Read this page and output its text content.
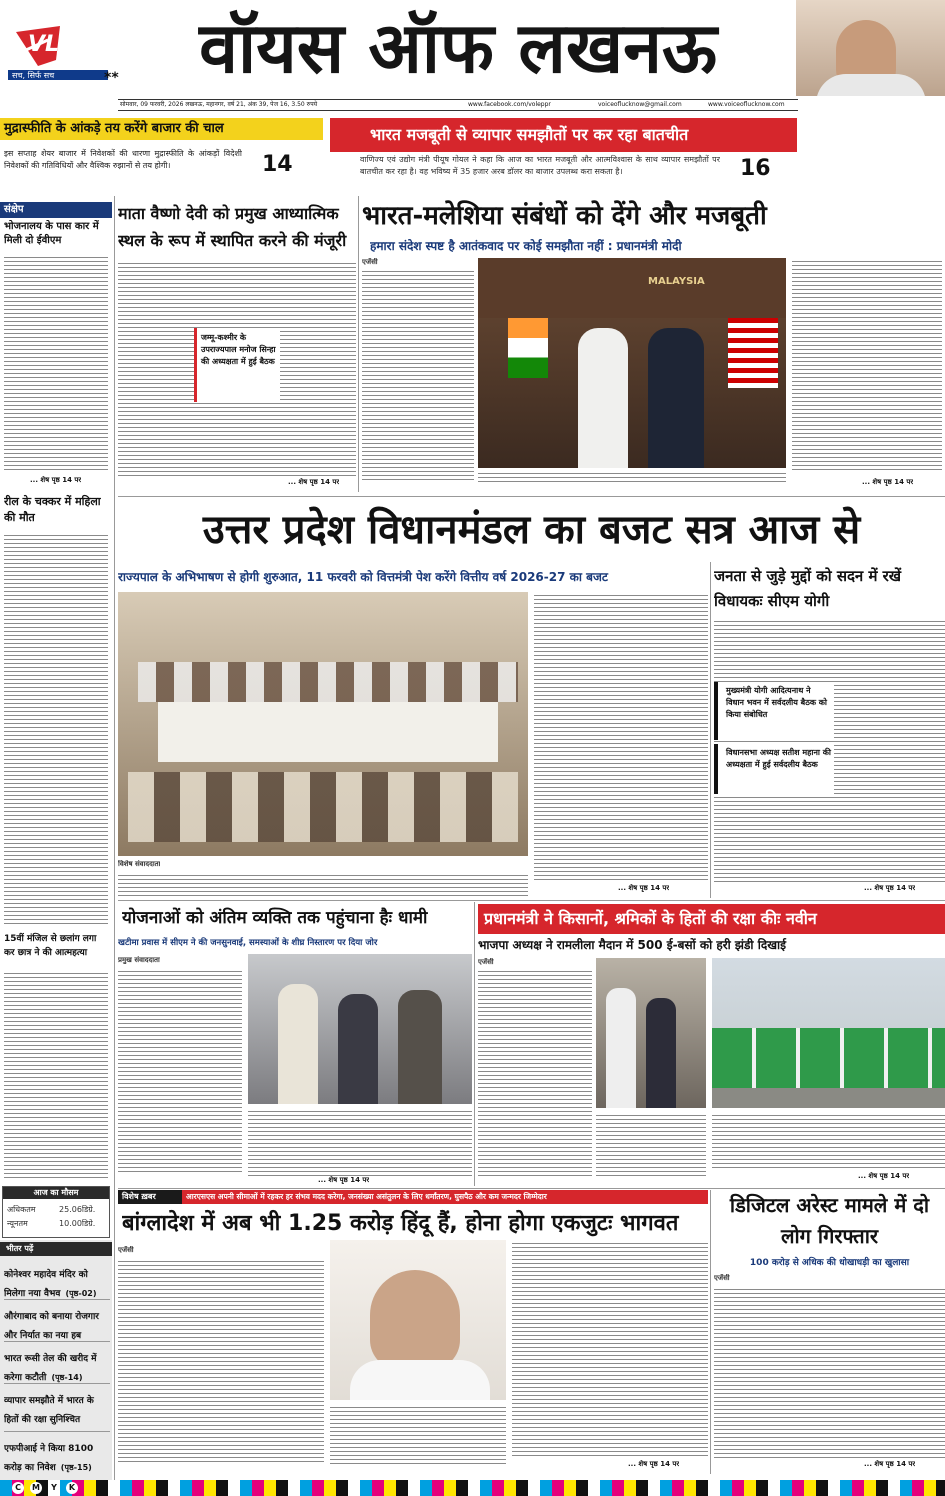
VL
सच, सिर्फ सच	**	वॉयस ऑफ लखनऊ
सोमवार, 09 फरवरी, 2026 लखनऊ, महानगर, वर्ष 21, अंक 39, पेज 16, 3.50 रुपये	www.facebook.com/voleppr	voiceoflucknow@gmail.com	www.voiceoflucknow.com
मुद्रास्फीति के आंकड़े तय करेंगे बाजार की चाल
इस सप्ताह शेयर बाजार में निवेशकों की धारणा मुद्रास्फीति के आंकड़ों विदेशी निवेशकों की गतिविधियों और वैश्विक रुझानों से तय होगी।	14
भारत मजबूती से व्यापार समझौतों पर कर रहा बातचीत
वाणिज्य एवं उद्योग मंत्री पीयूष गोयल ने कहा कि आज का भारत मजबूती और आत्मविश्वास के साथ व्यापार समझौतों पर बातचीत कर रहा है। वह भविष्य में 35 हजार अरब डॉलर का बाजार उपलब्ध करा सकता है।	16
संक्षेप
भोजनालय के पास कार में मिली दो ईवीएम
... शेष पृष्ठ 14 पर
रील के चक्कर में महिला की मौत
15वीं मंजिल से छलांग लगा कर छात्र ने की आत्महत्या
आज का मौसम
अधिकतम	25.06डिग्रे.
न्यूनतम	10.00डिग्रे.
भीतर पढ़ें
कोनेश्वर महादेव मंदिर को मिलेगा नया वैभव (पृष्ठ-02)
औरंगाबाद को बनाया रोजगार और निर्यात का नया हब
भारत रूसी तेल की खरीद में करेगा कटौती (पृष्ठ-14)
व्यापार समझौते में भारत के हितों की रक्षा सुनिश्चित
एफपीआई ने किया 8100 करोड़ का निवेश (पृष्ठ-15)
माता वैष्णो देवी को प्रमुख आध्यात्मिक स्थल के रूप में स्थापित करने की मंजूरी
जम्मू-कश्मीर के उपराज्यपाल मनोज सिन्हा की अध्यक्षता में हुई बैठक
... शेष पृष्ठ 14 पर
भारत-मलेशिया संबंधों को देंगे और मजबूती
हमारा संदेश स्पष्ट है आतंकवाद पर कोई समझौता नहीं : प्रधानमंत्री मोदी
एजेंसी
MALAYSIA
... शेष पृष्ठ 14 पर
उत्तर प्रदेश विधानमंडल का बजट सत्र आज से
राज्यपाल के अभिभाषण से होगी शुरुआत, 11 फरवरी को वित्तमंत्री पेश करेंगे वित्तीय वर्ष 2026-27 का बजट
विशेष संवाददाता
... शेष पृष्ठ 14 पर
जनता से जुड़े मुद्दों को सदन में रखें विधायकः सीएम योगी
मुख्यमंत्री योगी आदित्यनाथ ने विधान भवन में सर्वदलीय बैठक को किया संबोधित
विधानसभा अध्यक्ष सतीश महाना की अध्यक्षता में हुई सर्वदलीय बैठक
... शेष पृष्ठ 14 पर
योजनाओं को अंतिम व्यक्ति तक पहुंचाना हैः धामी
खटीमा प्रवास में सीएम ने की जनसुनवाई, समस्याओं के शीघ्र निस्तारण पर दिया जोर
प्रमुख संवाददाता
... शेष पृष्ठ 14 पर
प्रधानमंत्री ने किसानों, श्रमिकों के हितों की रक्षा कीः नवीन
भाजपा अध्यक्ष ने रामलीला मैदान में 500 ई-बसों को हरी झंडी दिखाई
एजेंसी
... शेष पृष्ठ 14 पर
विशेष ख़बर	आरएसएस अपनी सीमाओं में रहकर हर संभव मदद करेगा, जनसंख्या असंतुलन के लिए धर्मांतरण, घुसपैठ और कम जन्मदर जिम्मेदार
बांग्लादेश में अब भी 1.25 करोड़ हिंदू हैं, होना होगा एकजुटः भागवत
एजेंसी
... शेष पृष्ठ 14 पर
डिजिटल अरेस्ट मामले में दो लोग गिरफ्तार
100 करोड़ से अधिक की धोखाधड़ी का खुलासा
एजेंसी
... शेष पृष्ठ 14 पर
C	M	Y	K
